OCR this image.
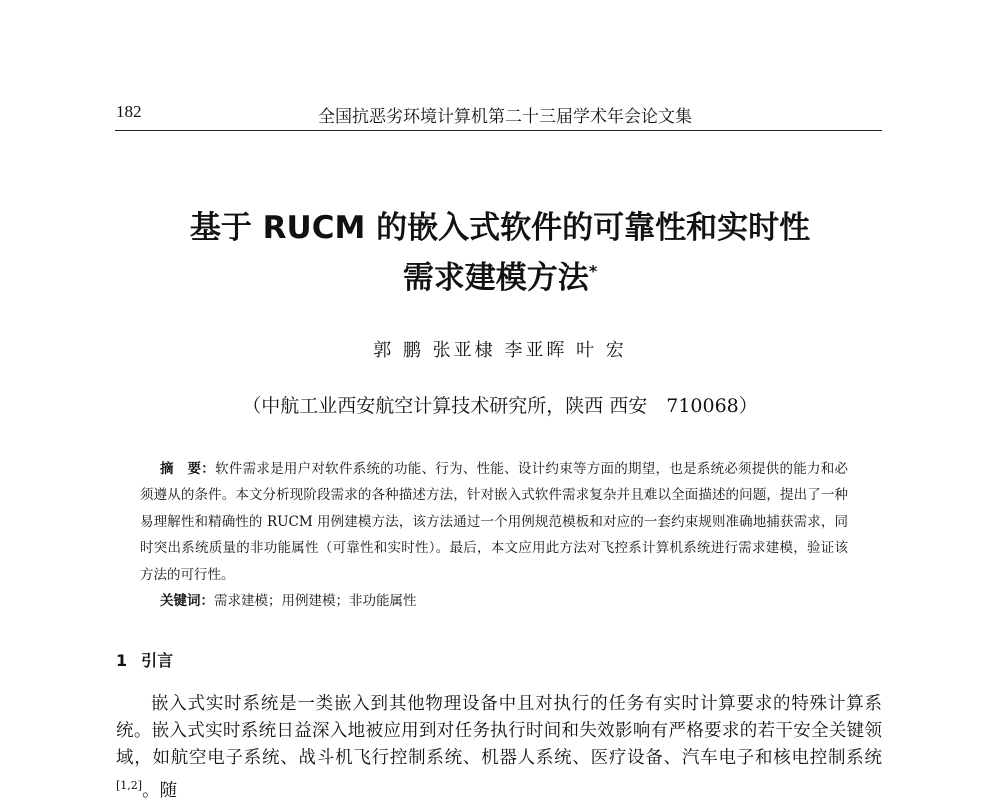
182	全国抗恶劣环境计算机第二十三届学术年会论文集
基于 RUCM 的嵌入式软件的可靠性和实时性
需求建模方法*
郭 鹏 张亚棣 李亚晖 叶 宏
（中航工业西安航空计算技术研究所，陕西 西安　710068）
摘　要：软件需求是用户对软件系统的功能、行为、性能、设计约束等方面的期望，也是系统必须提供的能力和必须遵从的条件。本文分析现阶段需求的各种描述方法，针对嵌入式软件需求复杂并且难以全面描述的问题，提出了一种易理解性和精确性的 RUCM 用例建模方法，该方法通过一个用例规范模板和对应的一套约束规则准确地捕获需求，同时突出系统质量的非功能属性（可靠性和实时性）。最后，本文应用此方法对飞控系计算机系统进行需求建模，验证该方法的可行性。
关键词：需求建模；用例建模；非功能属性
1 引言
嵌入式实时系统是一类嵌入到其他物理设备中且对执行的任务有实时计算要求的特殊计算系统。嵌入式实时系统日益深入地被应用到对任务执行时间和失效影响有严格要求的若干安全关键领域，如航空电子系统、战斗机飞行控制系统、机器人系统、医疗设备、汽车电子和核电控制系统[1,2]。随
